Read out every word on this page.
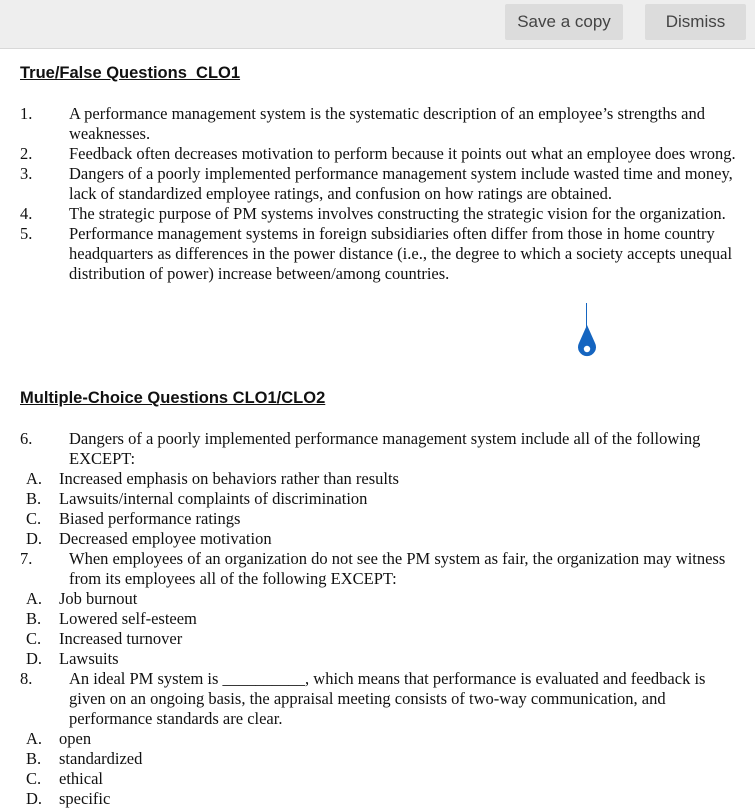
Save a copy	Dismiss
True/False Questions  CLO1
1. A performance management system is the systematic description of an employee’s strengths and weaknesses.
2. Feedback often decreases motivation to perform because it points out what an employee does wrong.
3. Dangers of a poorly implemented performance management system include wasted time and money, lack of standardized employee ratings, and confusion on how ratings are obtained.
4. The strategic purpose of PM systems involves constructing the strategic vision for the organization.
5. Performance management systems in foreign subsidiaries often differ from those in home country headquarters as differences in the power distance (i.e., the degree to which a society accepts unequal distribution of power) increase between/among countries.
Multiple-Choice Questions CLO1/CLO2
6. Dangers of a poorly implemented performance management system include all of the following EXCEPT:
A. Increased emphasis on behaviors rather than results
B. Lawsuits/internal complaints of discrimination
C. Biased performance ratings
D. Decreased employee motivation
7. When employees of an organization do not see the PM system as fair, the organization may witness from its employees all of the following EXCEPT:
A. Job burnout
B. Lowered self-esteem
C. Increased turnover
D. Lawsuits
8. An ideal PM system is __________, which means that performance is evaluated and feedback is given on an ongoing basis, the appraisal meeting consists of two-way communication, and performance standards are clear.
A. open
B. standardized
C. ethical
D. specific
